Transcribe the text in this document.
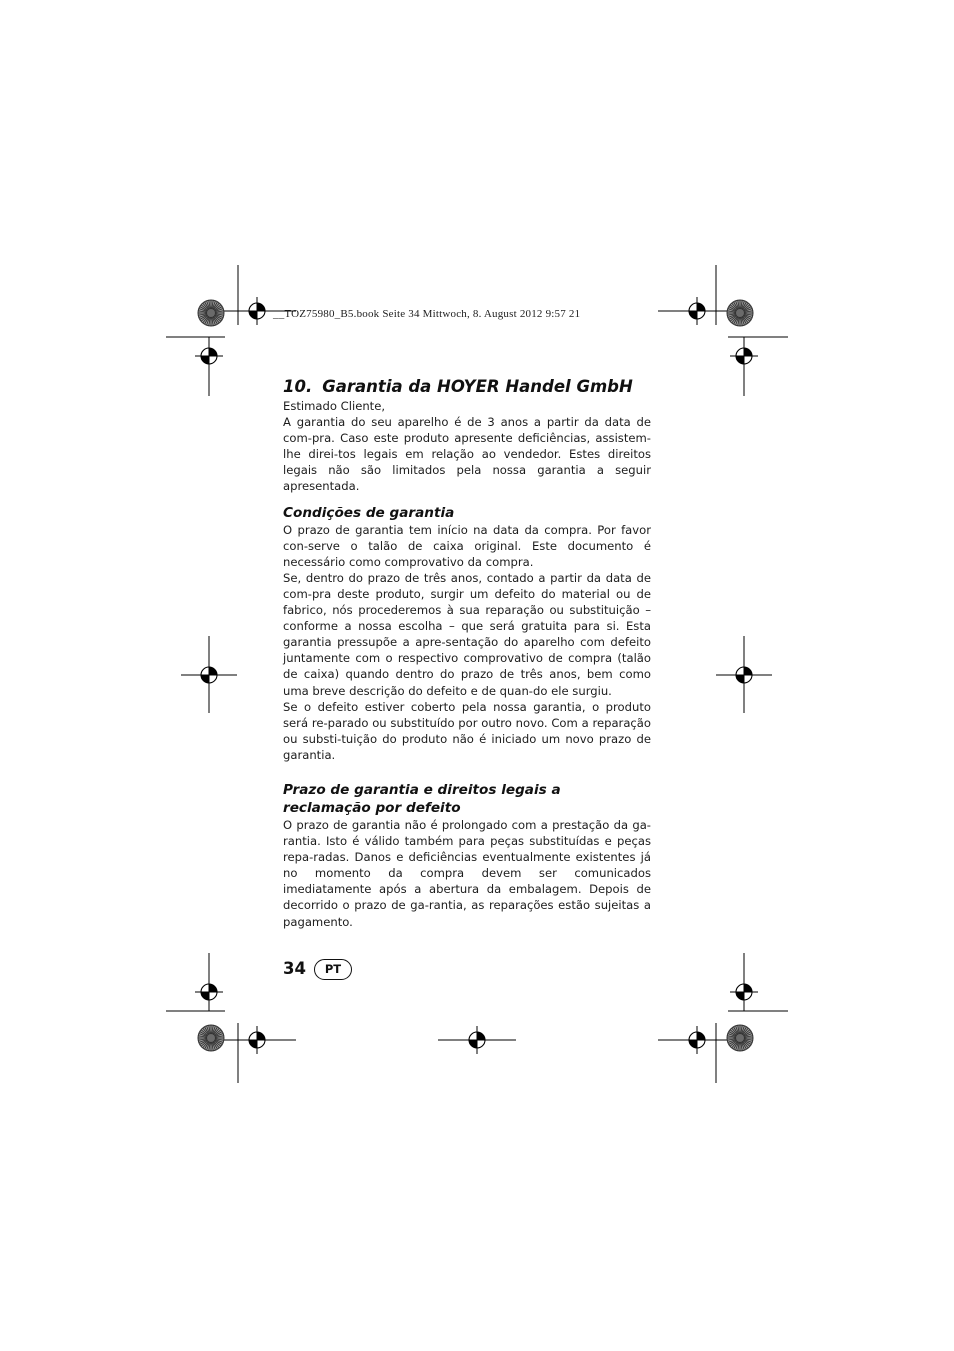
__TOZ75980_B5.book Seite 34 Mittwoch, 8. August 2012 9:57 21
10. Garantia da HOYER Handel GmbH

Estimado Cliente,

A garantia do seu aparelho é de 3 anos a partir da data de com-pra. Caso este produto apresente deficiências, assistem-lhe direi-tos legais em relação ao vendedor. Estes direitos legais não são limitados pela nossa garantia a seguir apresentada.

Condições de garantia

O prazo de garantia tem início na data da compra. Por favor con-serve o talão de caixa original. Este documento é necessário como comprovativo da compra.

Se, dentro do prazo de três anos, contado a partir da data de com-pra deste produto, surgir um defeito do material ou de fabrico, nós procederemos à sua reparação ou substituição – conforme a nossa escolha – que será gratuita para si. Esta garantia pressupõe a apre-sentação do aparelho com defeito juntamente com o respectivo comprovativo de compra (talão de caixa) quando dentro do prazo de três anos, bem como uma breve descrição do defeito e de quan-do ele surgiu.

Se o defeito estiver coberto pela nossa garantia, o produto será re-parado ou substituído por outro novo. Com a reparação ou substi-tuição do produto não é iniciado um novo prazo de garantia.

Prazo de garantia e direitos legais a reclamação por defeito

O prazo de garantia não é prolongado com a prestação da ga-rantia. Isto é válido também para peças substituídas e peças repa-radas. Danos e deficiências eventualmente existentes já no momento da compra devem ser comunicados imediatamente após a abertura da embalagem. Depois de decorrido o prazo de ga-rantia, as reparações estão sujeitas a pagamento.

34	PT
